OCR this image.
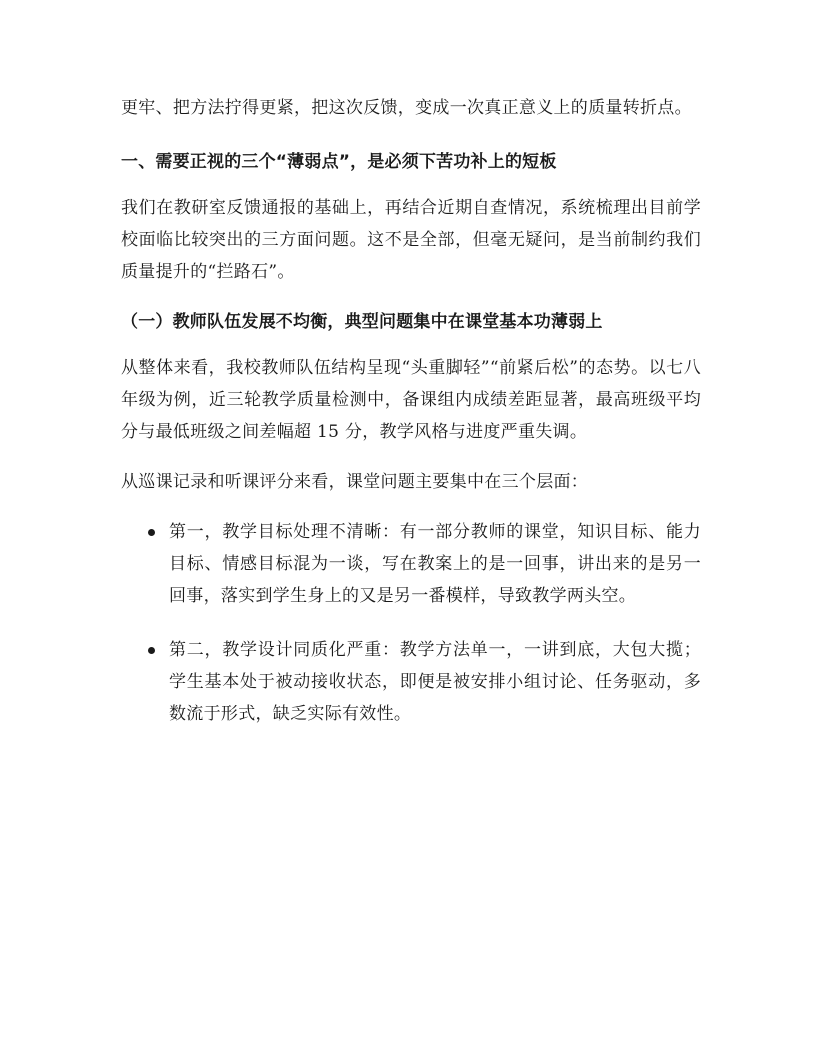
更牢、把方法拧得更紧，把这次反馈，变成一次真正意义上的质量转折点。

一、需要正视的三个“薄弱点”，是必须下苦功补上的短板

我们在教研室反馈通报的基础上，再结合近期自查情况，系统梳理出目前学校面临比较突出的三方面问题。这不是全部，但毫无疑问，是当前制约我们质量提升的“拦路石”。

（一）教师队伍发展不均衡，典型问题集中在课堂基本功薄弱上

从整体来看，我校教师队伍结构呈现“头重脚轻”“前紧后松”的态势。以七八年级为例，近三轮教学质量检测中，备课组内成绩差距显著，最高班级平均分与最低班级之间差幅超 15 分，教学风格与进度严重失调。

从巡课记录和听课评分来看，课堂问题主要集中在三个层面：

第一，教学目标处理不清晰：有一部分教师的课堂，知识目标、能力目标、情感目标混为一谈，写在教案上的是一回事，讲出来的是另一回事，落实到学生身上的又是另一番模样，导致教学两头空。

第二，教学设计同质化严重：教学方法单一，一讲到底，大包大揽；学生基本处于被动接收状态，即便是被安排小组讨论、任务驱动，多数流于形式，缺乏实际有效性。
